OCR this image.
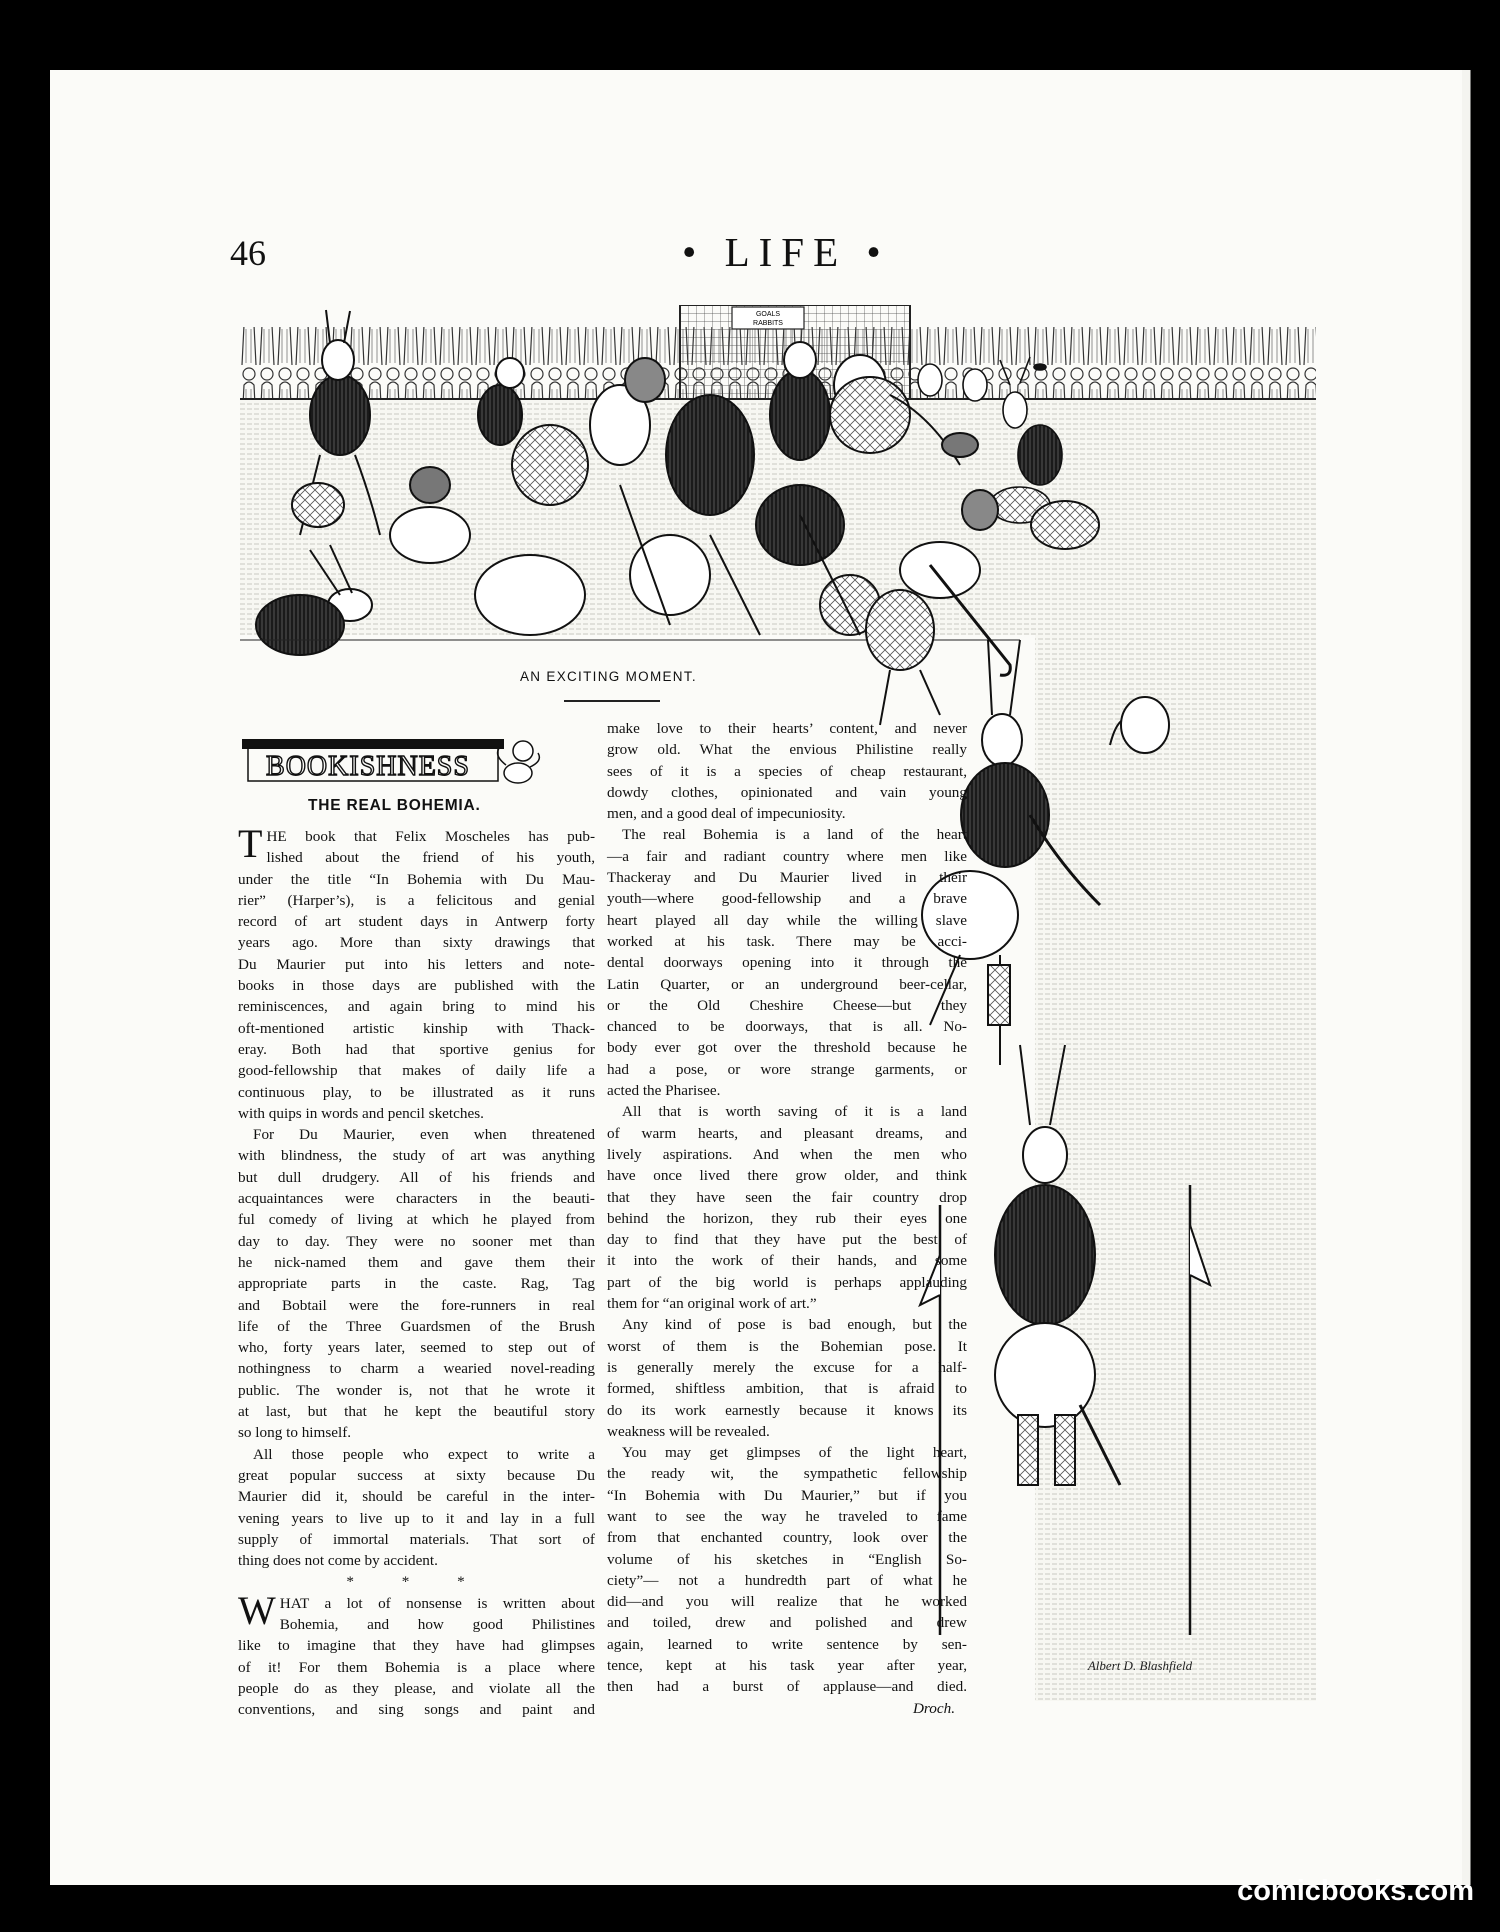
46	• LIFE •
GOALS
RABBITS
Albert D. Blashfield
AN EXCITING MOMENT.
BOOKISHNESS
THE REAL BOHEMIA.
T HE book that Felix Moscheles has pub-
lished about the friend of his youth,
under the title “In Bohemia with Du Mau-
rier” (Harper’s), is a felicitous and genial
record of art student days in Antwerp forty
years ago. More than sixty drawings that
Du Maurier put into his letters and note-
books in those days are published with the
reminiscences, and again bring to mind his
oft-mentioned artistic kinship with Thack-
eray. Both had that sportive genius for
good-fellowship that makes of daily life a
continuous play, to be illustrated as it runs
with quips in words and pencil sketches.
For Du Maurier, even when threatened
with blindness, the study of art was anything
but dull drudgery. All of his friends and
acquaintances were characters in the beauti-
ful comedy of living at which he played from
day to day. They were no sooner met than
he nick-named them and gave them their
appropriate parts in the caste. Rag, Tag
and Bobtail were the fore-runners in real
life of the Three Guardsmen of the Brush
who, forty years later, seemed to step out of
nothingness to charm a wearied novel-reading
public. The wonder is, not that he wrote it
at last, but that he kept the beautiful story
so long to himself.
All those people who expect to write a
great popular success at sixty because Du
Maurier did it, should be careful in the inter-
vening years to live up to it and lay in a full
supply of immortal materials. That sort of
thing does not come by accident.
* * *
W HAT a lot of nonsense is written about
Bohemia, and how good Philistines
like to imagine that they have had glimpses
of it! For them Bohemia is a place where
people do as they please, and violate all the
conventions, and sing songs and paint and
make love to their hearts’ content, and never
grow old. What the envious Philistine really
sees of it is a species of cheap restaurant,
dowdy clothes, opinionated and vain young
men, and a good deal of impecuniosity.
The real Bohemia is a land of the heart
—a fair and radiant country where men like
Thackeray and Du Maurier lived in their
youth—where good-fellowship and a brave
heart played all day while the willing slave
worked at his task. There may be acci-
dental doorways opening into it through the
Latin Quarter, or an underground beer-cellar,
or the Old Cheshire Cheese—but they
chanced to be doorways, that is all. No-
body ever got over the threshold because he
had a pose, or wore strange garments, or
acted the Pharisee.
All that is worth saving of it is a land
of warm hearts, and pleasant dreams, and
lively aspirations. And when the men who
have once lived there grow older, and think
that they have seen the fair country drop
behind the horizon, they rub their eyes one
day to find that they have put the best of
it into the work of their hands, and some
part of the big world is perhaps applauding
them for “an original work of art.”
Any kind of pose is bad enough, but the
worst of them is the Bohemian pose. It
is generally merely the excuse for a half-
formed, shiftless ambition, that is afraid to
do its work earnestly because it knows its
weakness will be revealed.
You may get glimpses of the light heart,
the ready wit, the sympathetic fellowship
“In Bohemia with Du Maurier,” but if you
want to see the way he traveled to fame
from that enchanted country, look over the
volume of his sketches in “English So-
ciety”— not a hundredth part of what he
did—and you will realize that he worked
and toiled, drew and polished and drew
again, learned to write sentence by sen-
tence, kept at his task year after year,
then had a burst of applause—and died.
Droch.
comicbooks.com
